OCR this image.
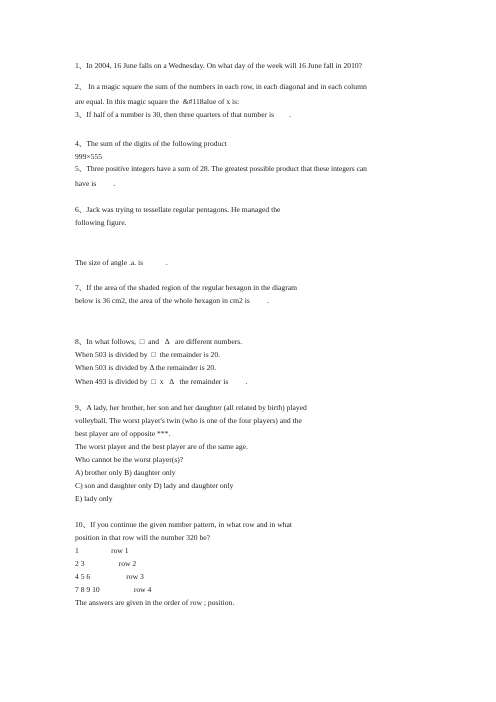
1、In 2004, 16 June falls on a Wednesday. On what day of the week will 16 June fall in 2010?
2、 In a magic square the sum of the numbers in each row, in each diagonal and in each column
are equal. In this magic square the  &#118alue of x is:
3、If half of a number is 30, then three quarters of that number is        .
4、The sum of the digits of the following product
999×555
5、Three positive integers have a sum of 28. The greatest possible product that these integers can
have is         .
6、Jack was trying to tessellate regular pentagons. He managed the
following figure.
The size of angle .a. is            .
7、If the area of the shaded region of the regular hexagon in the diagram
below is 36 cm2, the area of the whole hexagon in cm2 is         .
8、In what follows,  □  and   Δ   are different numbers.
When 503 is divided by  □  the remainder is 20.
When 503 is divided by Δ the remainder is 20.
When 493 is divided by  □  x   Δ   the remainder is         .
9、A lady, her brother, her son and her daughter (all related by birth) played
volleyball. The worst player's twin (who is one of the four players) and the
best player are of opposite ***.
The worst player and the best player are of the same age.
Who cannot be the worst player(s)?
A) brother only B) daughter only
C) son and daughter only D) lady and daughter only
E) lady only
10、If you continue the given number pattern, in what row and in what
position in that row will the number 320 be?
1                 row 1
2 3                  row 2
4 5 6                   row 3
7 8 9 10                  row 4
The answers are given in the order of row ; position.
